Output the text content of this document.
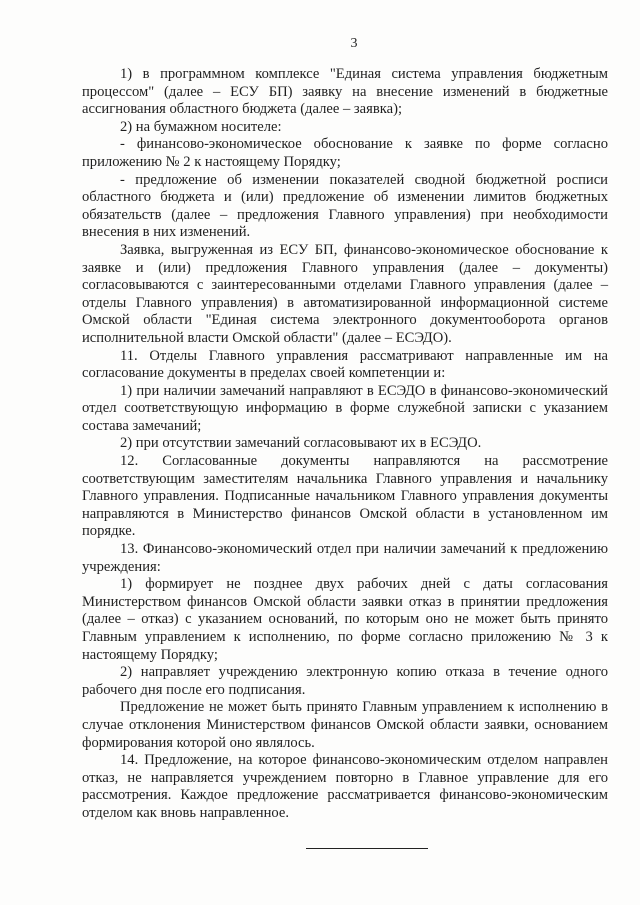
3

1) в программном комплексе "Единая система управления бюджетным процессом" (далее – ЕСУ БП) заявку на внесение изменений в бюджетные ассигнования областного бюджета (далее – заявка);

2) на бумажном носителе:

- финансово-экономическое обоснование к заявке по форме согласно приложению № 2 к настоящему Порядку;

- предложение об изменении показателей сводной бюджетной росписи областного бюджета и (или) предложение об изменении лимитов бюджетных обязательств (далее – предложения Главного управления) при необходимости внесения в них изменений.

Заявка, выгруженная из ЕСУ БП, финансово-экономическое обоснование к заявке и (или) предложения Главного управления (далее – документы) согласовываются с заинтересованными отделами Главного управления (далее – отделы Главного управления) в автоматизированной информационной системе Омской области "Единая система электронного документооборота органов исполнительной власти Омской области" (далее – ЕСЭДО).

11. Отделы Главного управления рассматривают направленные им на согласование документы в пределах своей компетенции и:

1) при наличии замечаний направляют в ЕСЭДО в финансово-экономический отдел соответствующую информацию в форме служебной записки с указанием состава замечаний;

2) при отсутствии замечаний согласовывают их в ЕСЭДО.

12. Согласованные документы направляются на рассмотрение соответствующим заместителям начальника Главного управления и начальнику Главного управления. Подписанные начальником Главного управления документы направляются в Министерство финансов Омской области в установленном им порядке.

13. Финансово-экономический отдел при наличии замечаний к предложению учреждения:

1) формирует не позднее двух рабочих дней с даты согласования Министерством финансов Омской области заявки отказ в принятии предложения (далее – отказ) с указанием оснований, по которым оно не может быть принято Главным управлением к исполнению, по форме согласно приложению № 3 к настоящему Порядку;

2) направляет учреждению электронную копию отказа в течение одного рабочего дня после его подписания.

Предложение не может быть принято Главным управлением к исполнению в случае отклонения Министерством финансов Омской области заявки, основанием формирования которой оно являлось.

14. Предложение, на которое финансово-экономическим отделом направлен отказ, не направляется учреждением повторно в Главное управление для его рассмотрения. Каждое предложение рассматривается финансово-экономическим отделом как вновь направленное.
